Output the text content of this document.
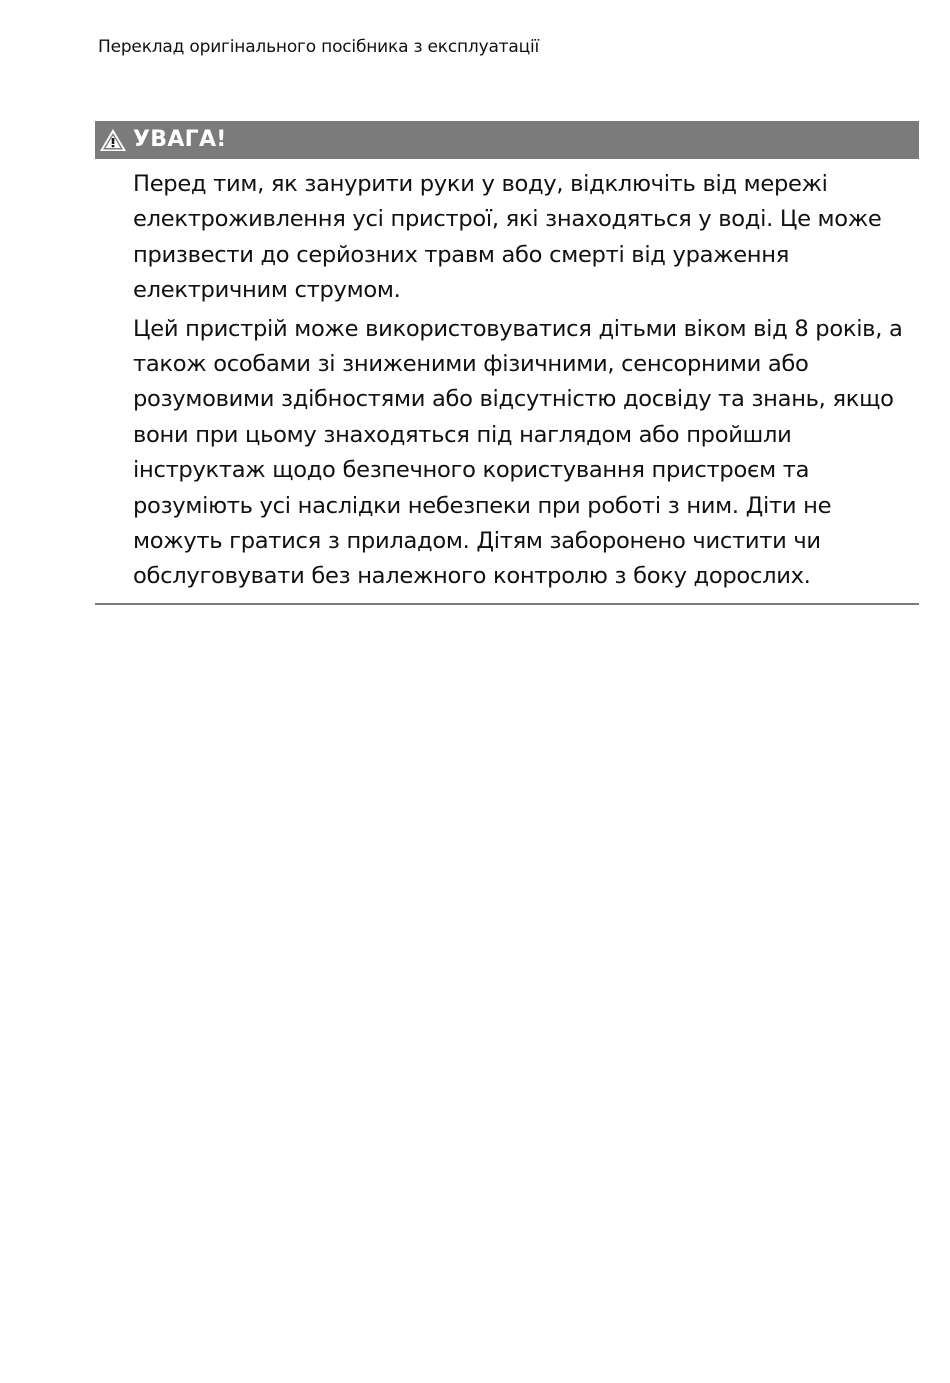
Переклад оригінального посібника з експлуатації
УВАГА!

Перед тим, як занурити руки у воду, відключіть від мережі електроживлення усі пристрої, які знаходяться у воді. Це може призвести до серйозних травм або смерті від ураження електричним струмом.

Цей пристрій може використовуватися дітьми віком від 8 років, а також особами зі зниженими фізичними, сенсорними або розумовими здібностями або відсутністю досвіду та знань, якщо вони при цьому знаходяться під наглядом або пройшли інструктаж щодо безпечного користування пристроєм та розуміють усі наслідки небезпеки при роботі з ним. Діти не можуть гратися з приладом. Дітям заборонено чистити чи обслуговувати без належного контролю з боку дорослих.
